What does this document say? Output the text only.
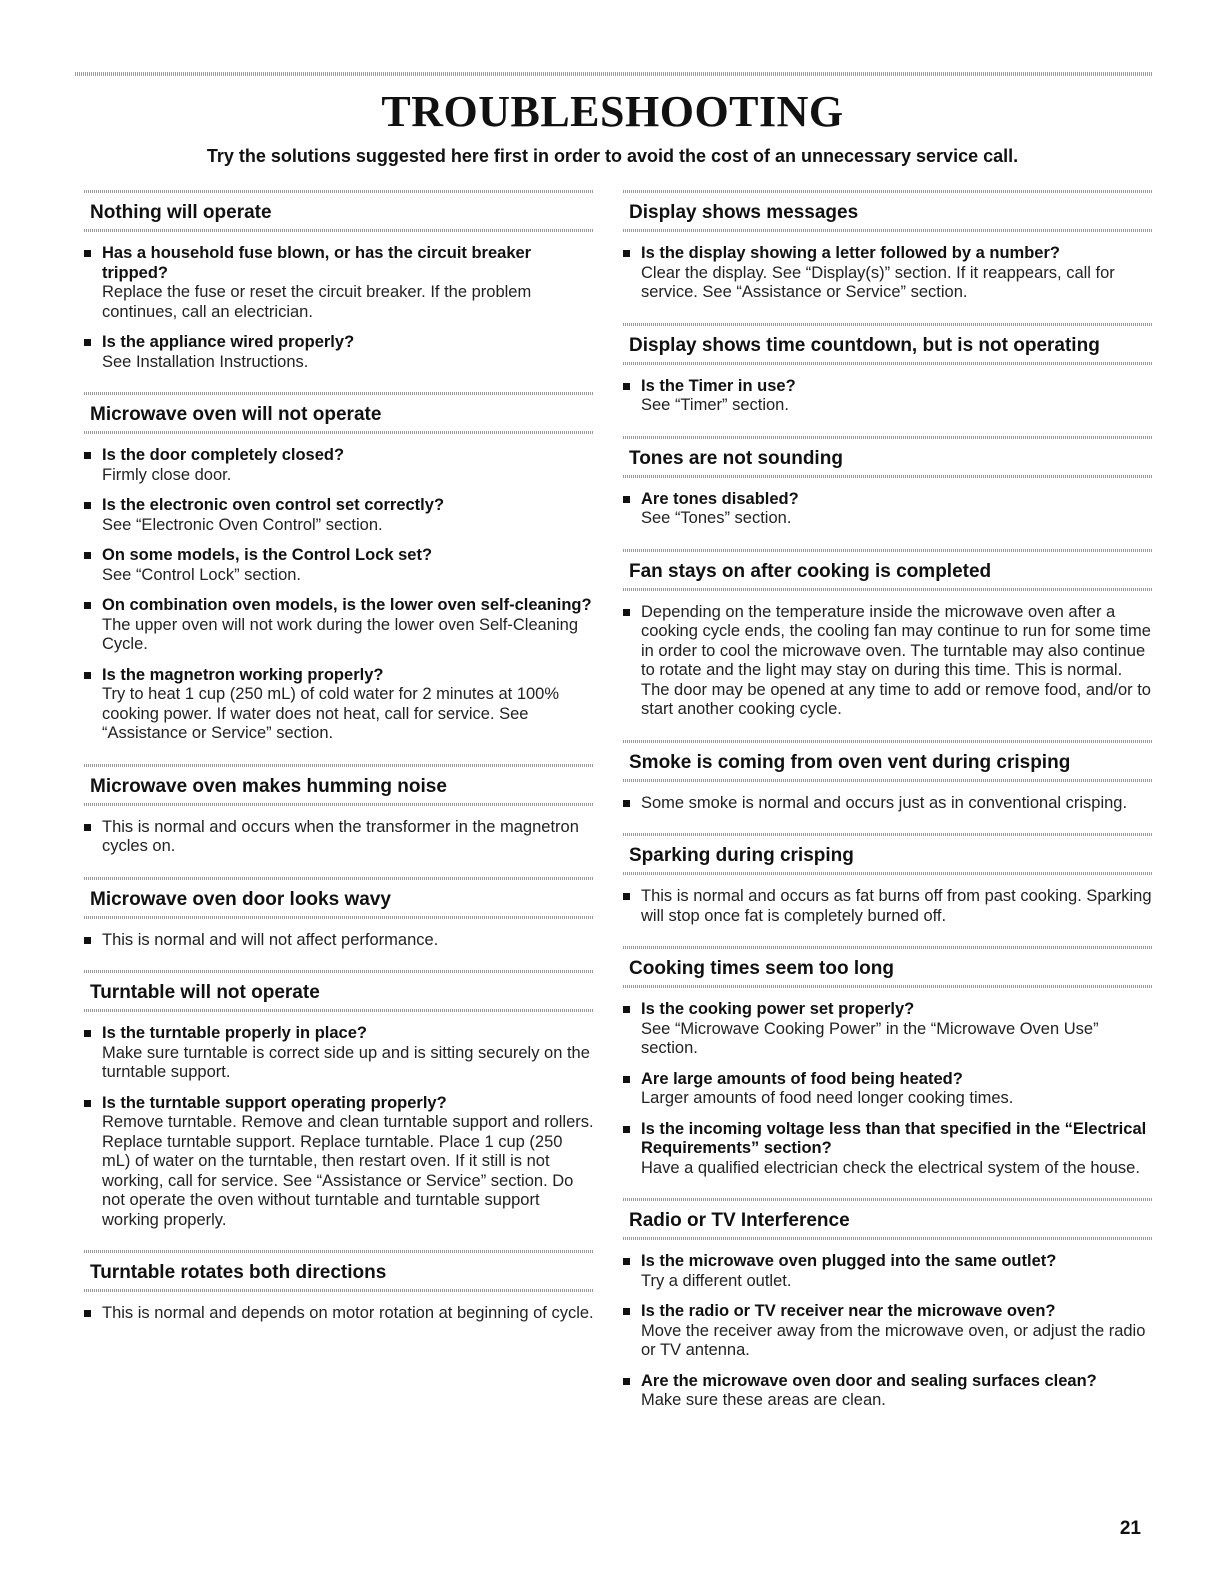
TROUBLESHOOTING

Try the solutions suggested here first in order to avoid the cost of an unnecessary service call.

Nothing will operate
Has a household fuse blown, or has the circuit breaker tripped?
Replace the fuse or reset the circuit breaker. If the problem continues, call an electrician.
Is the appliance wired properly?
See Installation Instructions.
Microwave oven will not operate
Is the door completely closed?
Firmly close door.
Is the electronic oven control set correctly?
See “Electronic Oven Control” section.
On some models, is the Control Lock set?
See “Control Lock” section.
On combination oven models, is the lower oven self-cleaning?
The upper oven will not work during the lower oven Self-Cleaning Cycle.
Is the magnetron working properly?
Try to heat 1 cup (250 mL) of cold water for 2 minutes at 100% cooking power. If water does not heat, call for service. See “Assistance or Service” section.
Microwave oven makes humming noise
This is normal and occurs when the transformer in the magnetron cycles on.
Microwave oven door looks wavy
This is normal and will not affect performance.
Turntable will not operate
Is the turntable properly in place?
Make sure turntable is correct side up and is sitting securely on the turntable support.
Is the turntable support operating properly?
Remove turntable. Remove and clean turntable support and rollers. Replace turntable support. Replace turntable. Place 1 cup (250 mL) of water on the turntable, then restart oven. If it still is not working, call for service. See “Assistance or Service” section. Do not operate the oven without turntable and turntable support working properly.
Turntable rotates both directions
This is normal and depends on motor rotation at beginning of cycle.
Display shows messages
Is the display showing a letter followed by a number?
Clear the display. See “Display(s)” section. If it reappears, call for service. See “Assistance or Service” section.
Display shows time countdown, but is not operating
Is the Timer in use?
See “Timer” section.
Tones are not sounding
Are tones disabled?
See “Tones” section.
Fan stays on after cooking is completed
Depending on the temperature inside the microwave oven after a cooking cycle ends, the cooling fan may continue to run for some time in order to cool the microwave oven. The turntable may also continue to rotate and the light may stay on during this time. This is normal. The door may be opened at any time to add or remove food, and/or to start another cooking cycle.
Smoke is coming from oven vent during crisping
Some smoke is normal and occurs just as in conventional crisping.
Sparking during crisping
This is normal and occurs as fat burns off from past cooking. Sparking will stop once fat is completely burned off.
Cooking times seem too long
Is the cooking power set properly?
See “Microwave Cooking Power” in the “Microwave Oven Use” section.
Are large amounts of food being heated?
Larger amounts of food need longer cooking times.
Is the incoming voltage less than that specified in the “Electrical Requirements” section?
Have a qualified electrician check the electrical system of the house.
Radio or TV Interference
Is the microwave oven plugged into the same outlet?
Try a different outlet.
Is the radio or TV receiver near the microwave oven?
Move the receiver away from the microwave oven, or adjust the radio or TV antenna.
Are the microwave oven door and sealing surfaces clean?
Make sure these areas are clean.
21
